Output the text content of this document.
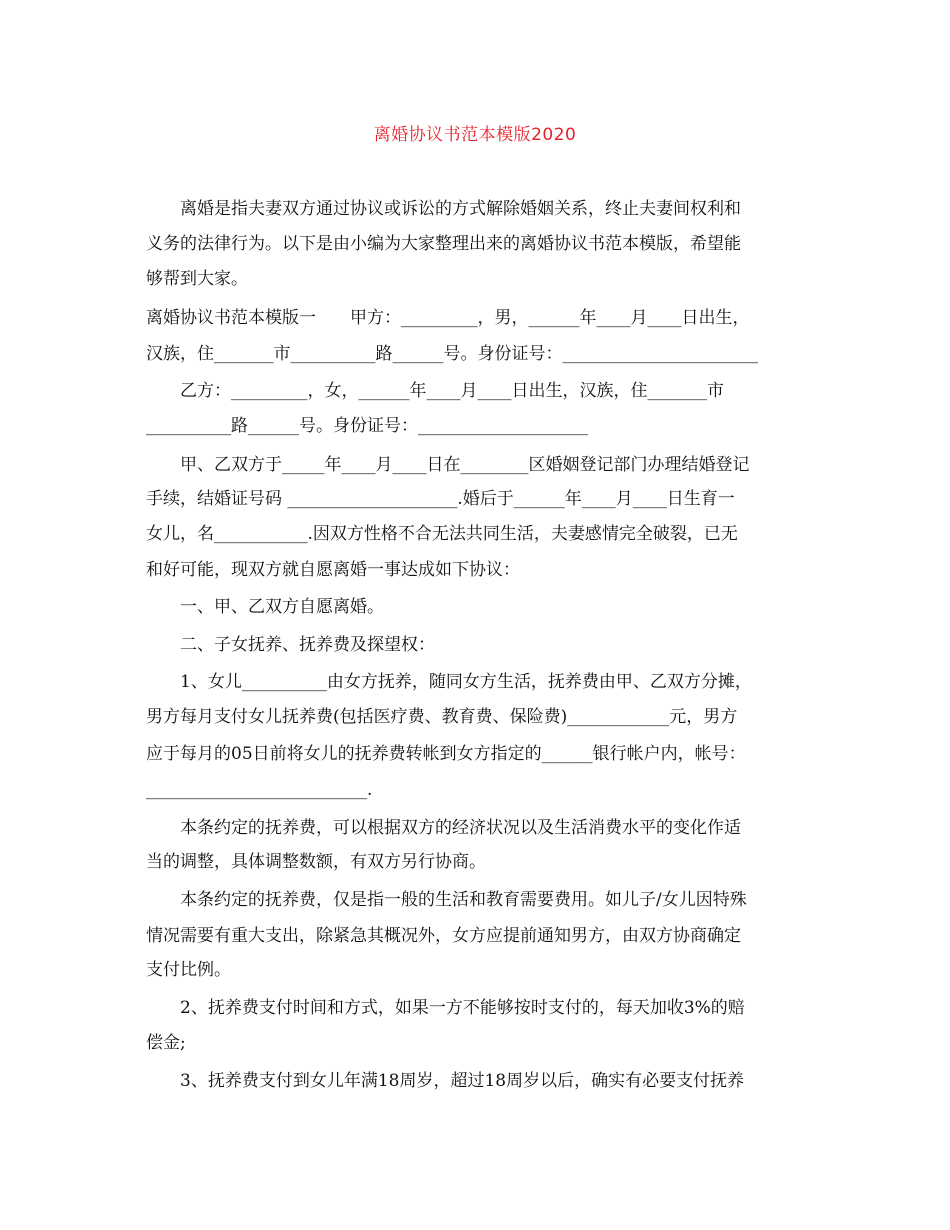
离婚协议书范本模版2020
　　离婚是指夫妻双方通过协议或诉讼的方式解除婚姻关系，终止夫妻间权利和
义务的法律行为。以下是由小编为大家整理出来的离婚协议书范本模版，希望能
够帮到大家。
离婚协议书范本模版一　　甲方：_________，男，______年____月____日出生，
汉族，住_______市__________路______号。身份证号：_______________________
　　乙方：_________，女，______年____月____日出生，汉族，住_______市
__________路______号。身份证号：____________________
　　甲、乙双方于_____年____月____日在________区婚姻登记部门办理结婚登记
手续，结婚证号码 ____________________.婚后于______年____月____日生育一
女儿，名___________.因双方性格不合无法共同生活，夫妻感情完全破裂，已无
和好可能，现双方就自愿离婚一事达成如下协议：
　　一、甲、乙双方自愿离婚。
　　二、子女抚养、抚养费及探望权：
　　1、女儿__________由女方抚养，随同女方生活，抚养费由甲、乙双方分摊，
男方每月支付女儿抚养费(包括医疗费、教育费、保险费)____________元，男方
应于每月的05日前将女儿的抚养费转帐到女方指定的______银行帐户内，帐号：
__________________________.
　　本条约定的抚养费，可以根据双方的经济状况以及生活消费水平的变化作适
当的调整，具体调整数额，有双方另行协商。
　　本条约定的抚养费，仅是指一般的生活和教育需要费用。如儿子/女儿因特殊
情况需要有重大支出，除紧急其概况外，女方应提前通知男方，由双方协商确定
支付比例。
　　2、抚养费支付时间和方式，如果一方不能够按时支付的，每天加收3%的赔
偿金;
　　3、抚养费支付到女儿年满18周岁，超过18周岁以后，确实有必要支付抚养
